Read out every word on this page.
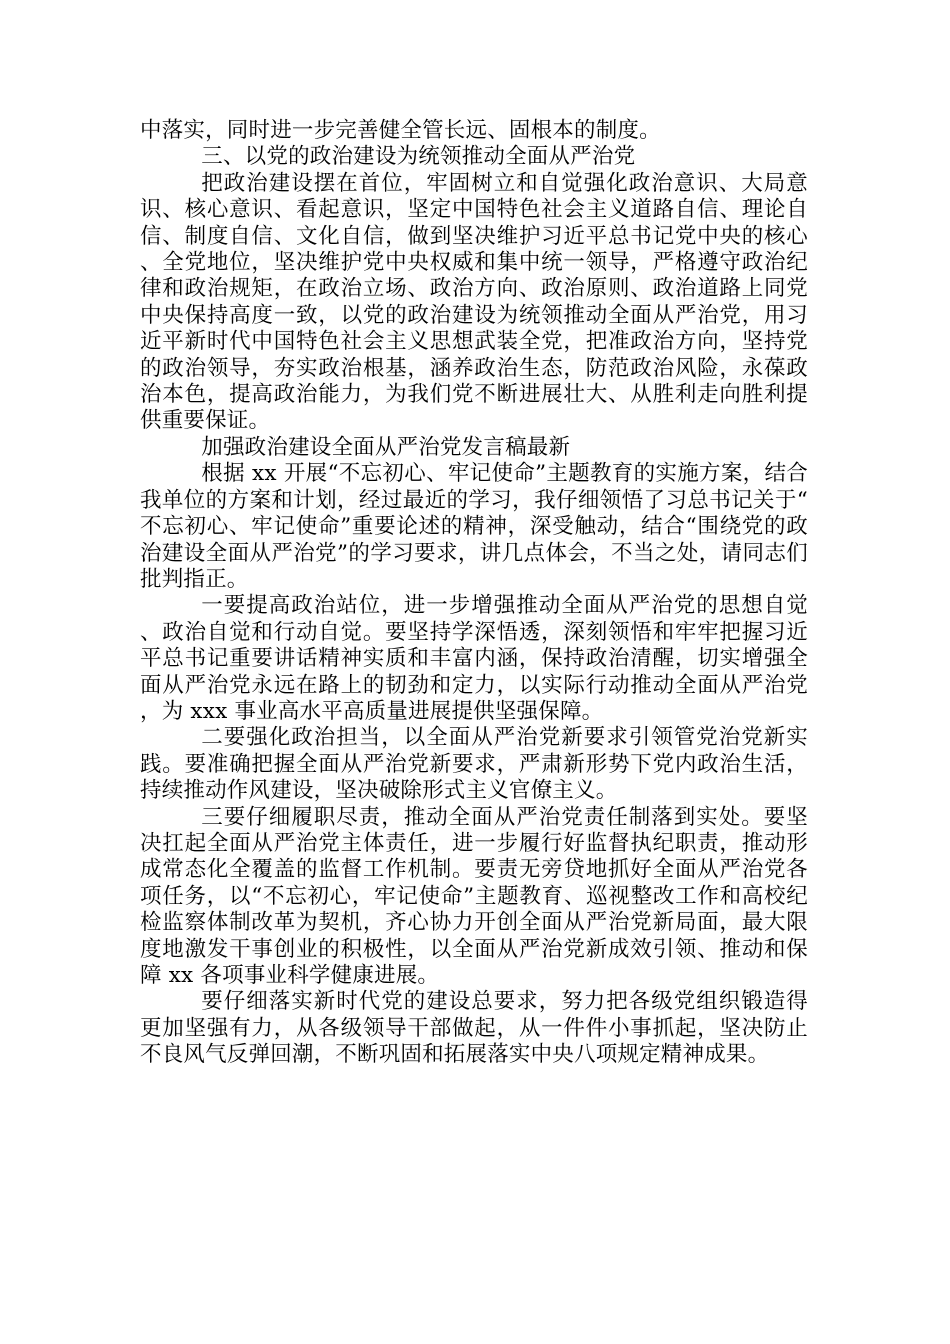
中落实，同时进一步完善健全管长远、固根本的制度。

三、以党的政治建设为统领推动全面从严治党

把政治建设摆在首位，牢固树立和自觉强化政治意识、大局意识、核心意识、看起意识，坚定中国特色社会主义道路自信、理论自信、制度自信、文化自信，做到坚决维护习近平总书记党中央的核心、全党地位，坚决维护党中央权威和集中统一领导，严格遵守政治纪律和政治规矩，在政治立场、政治方向、政治原则、政治道路上同党中央保持高度一致，以党的政治建设为统领推动全面从严治党，用习近平新时代中国特色社会主义思想武装全党，把准政治方向，坚持党的政治领导，夯实政治根基，涵养政治生态，防范政治风险，永葆政治本色，提高政治能力，为我们党不断进展壮大、从胜利走向胜利提供重要保证。

加强政治建设全面从严治党发言稿最新

根据 xx 开展“不忘初心、牢记使命”主题教育的实施方案，结合我单位的方案和计划，经过最近的学习，我仔细领悟了习总书记关于“不忘初心、牢记使命”重要论述的精神，深受触动，结合“围绕党的政治建设全面从严治党”的学习要求，讲几点体会，不当之处，请同志们批判指正。

一要提高政治站位，进一步增强推动全面从严治党的思想自觉、政治自觉和行动自觉。要坚持学深悟透，深刻领悟和牢牢把握习近平总书记重要讲话精神实质和丰富内涵，保持政治清醒，切实增强全面从严治党永远在路上的韧劲和定力，以实际行动推动全面从严治党，为 xxx 事业高水平高质量进展提供坚强保障。

二要强化政治担当，以全面从严治党新要求引领管党治党新实践。要准确把握全面从严治党新要求，严肃新形势下党内政治生活，持续推动作风建设，坚决破除形式主义官僚主义。

三要仔细履职尽责，推动全面从严治党责任制落到实处。要坚决扛起全面从严治党主体责任，进一步履行好监督执纪职责，推动形成常态化全覆盖的监督工作机制。要责无旁贷地抓好全面从严治党各项任务，以“不忘初心，牢记使命”主题教育、巡视整改工作和高校纪检监察体制改革为契机，齐心协力开创全面从严治党新局面，最大限度地激发干事创业的积极性，以全面从严治党新成效引领、推动和保障 xx 各项事业科学健康进展。

要仔细落实新时代党的建设总要求，努力把各级党组织锻造得更加坚强有力，从各级领导干部做起，从一件件小事抓起，坚决防止不良风气反弹回潮，不断巩固和拓展落实中央八项规定精神成果。
